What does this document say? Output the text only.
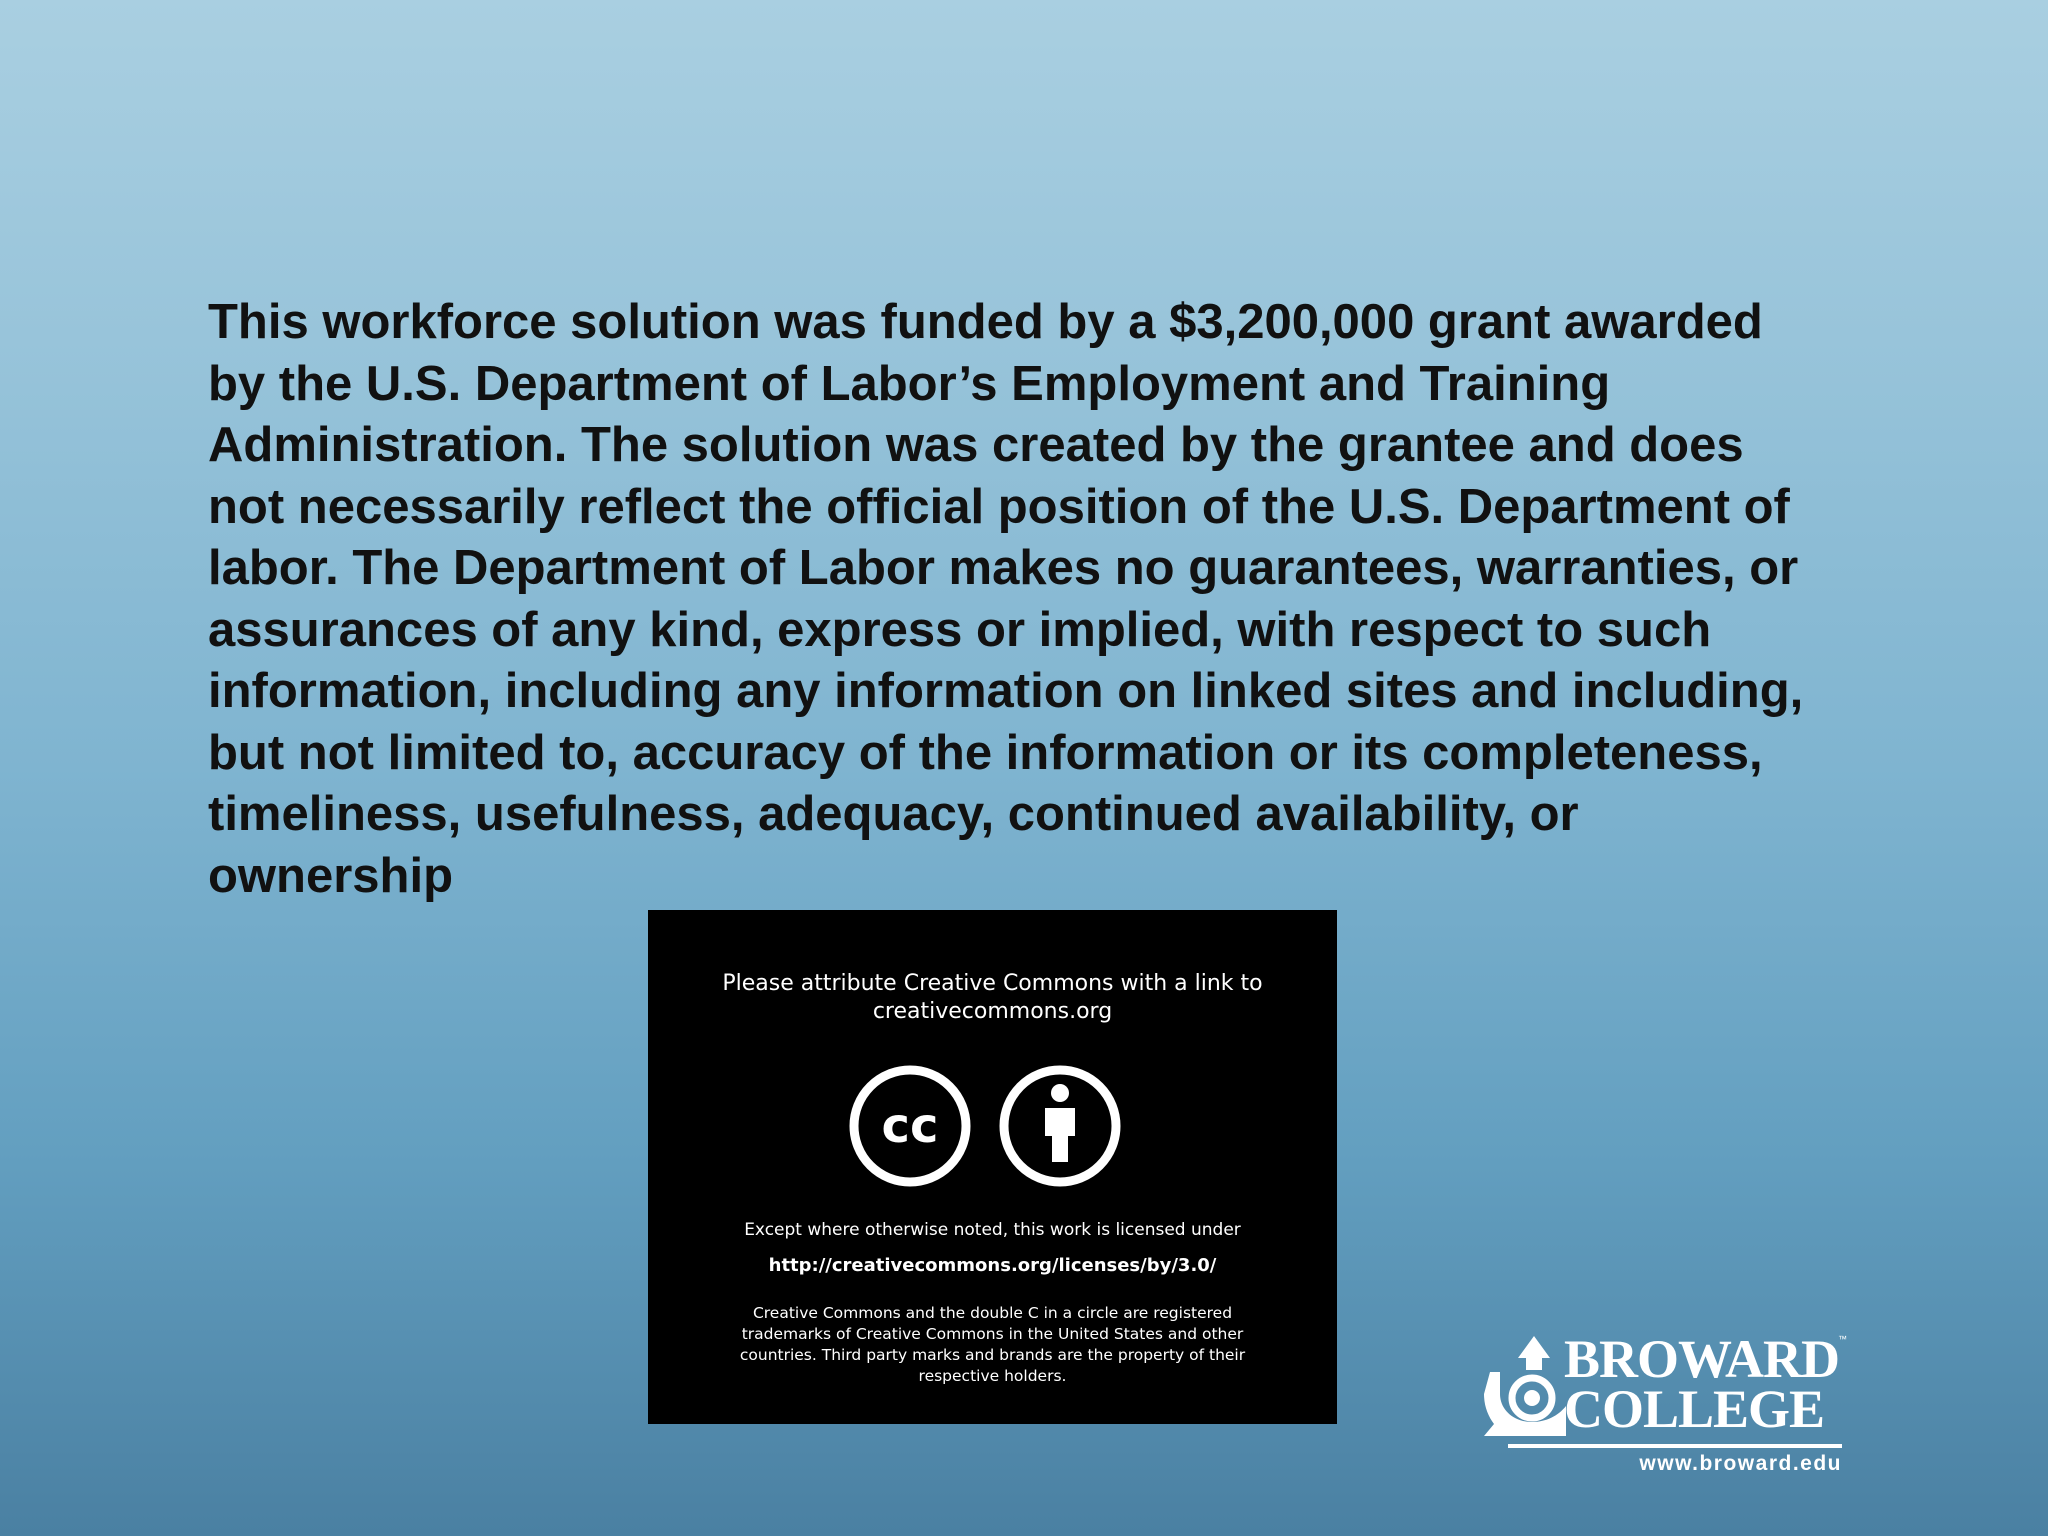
This workforce solution was funded by a $3,200,000 grant awarded
by the U.S. Department of Labor’s Employment and Training
Administration. The solution was created by the grantee and does
not necessarily reflect the official position of the U.S. Department of
labor. The Department of Labor makes no guarantees, warranties, or
assurances of any kind, express or implied, with respect to such
information, including any information on linked sites and including,
but not limited to, accuracy of the information or its completeness,
timeliness, usefulness, adequacy, continued availability, or
ownership
Please attribute Creative Commons with a link to
creativecommons.org
cc
Except where otherwise noted, this work is licensed under
http://creativecommons.org/licenses/by/3.0/
Creative Commons and the double C in a circle are registered
trademarks of Creative Commons in the United States and other
countries. Third party marks and brands are the property of their
respective holders.	BROWARD
™
COLLEGE
www.broward.edu
